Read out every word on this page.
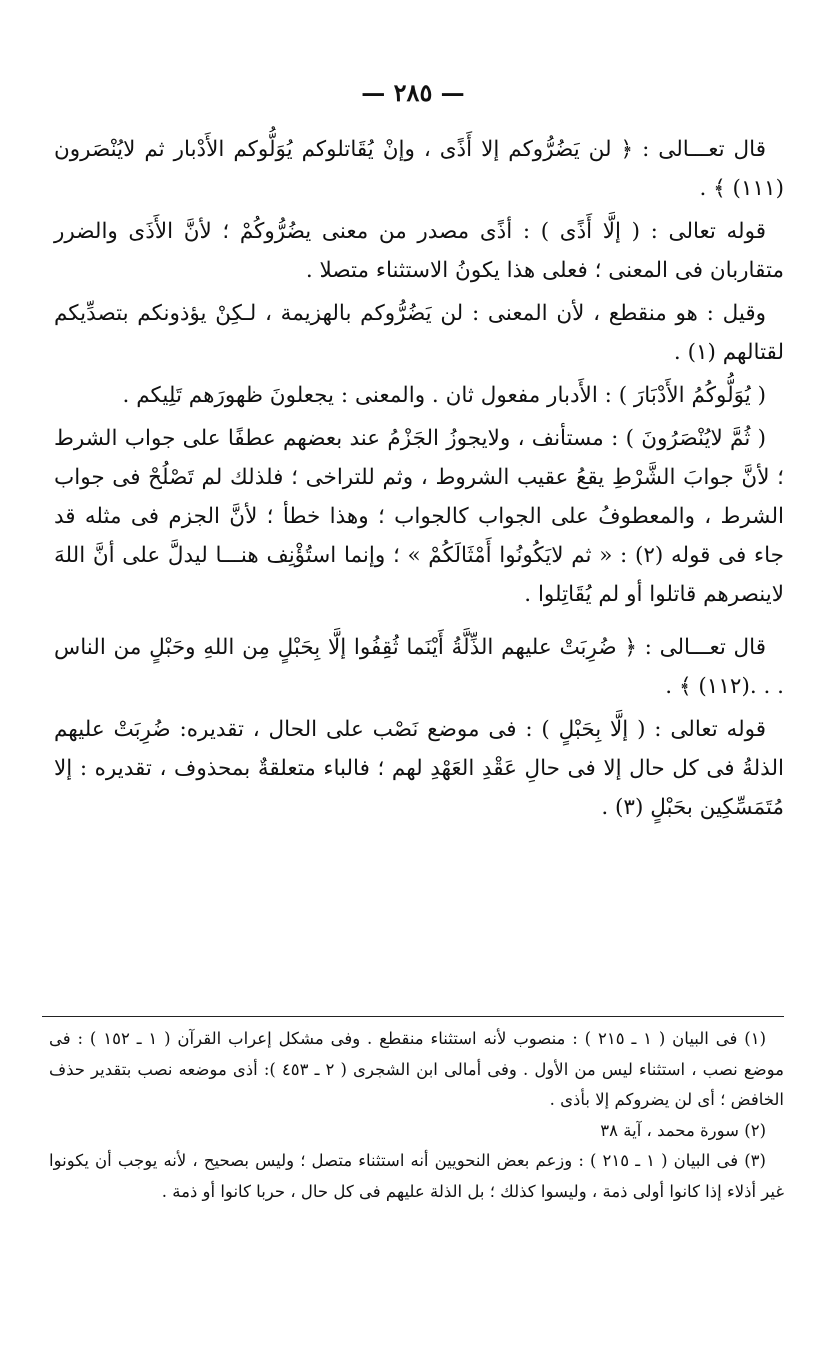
— ٢٨٥ —

قال تعـــالى : ﴿ لن يَضُرُّوكم إلا أَذًى ، وإنْ يُقَاتلوكم يُوَلُّوكم الأَدْبار ثم لايُنْصَرون (١١١) ﴾ .

قوله تعالى : ( إلَّا أَذًى ) : أذًى مصدر من معنى يضُرُّوكُمْ ؛ لأنَّ الأَذَى والضرر متقاربان فى المعنى ؛ فعلى هذا يكونُ الاستثناء متصلا .

وقيل : هو منقطع ، لأن المعنى : لن يَضُرُّوكم بالهزيمة ، لـكِنْ يؤذونكم بتصدِّيكم لقتالهم (١) .

( يُوَلُّوكُمُ الأَدْبَارَ ) : الأَدبار مفعول ثان . والمعنى : يجعلونَ ظهورَهم تَلِيكم .

( ثُمَّ لايُنْصَرُونَ ) : مستأنف ، ولايجوزُ الجَزْمُ عند بعضهم عطفًا على جواب الشرط ؛ لأنَّ جوابَ الشَّرْطِ يقعُ عقيب الشروط ، وثم للتراخى ؛ فلذلك لم تَصْلُحْ فى جواب الشرط ، والمعطوفُ على الجواب كالجواب ؛ وهذا خطأ ؛ لأنَّ الجزم فى مثله قد جاء فى قوله (٢) : « ثم لايَكُونُوا أَمْثَالَكُمْ » ؛ وإنما استُؤْنِف هنـــا ليدلَّ على أنَّ اللهَ لاينصرهم قاتلوا أو لم يُقَاتِلوا .

قال تعـــالى : ﴿ ضُرِبَتْ عليهم الذِّلَّةُ أَيْنَما ثُقِفُوا إلَّا بِحَبْلٍ مِن اللهِ وحَبْلٍ من الناس . . .(١١٢) ﴾ .

قوله تعالى : ( إلَّا بِحَبْلٍ ) : فى موضع نَصْب على الحال ، تقديره: ضُرِبَتْ عليهم الذلةُ فى كل حال إلا فى حالِ عَقْدِ العَهْدِ لهم ؛ فالباء متعلقةٌ بمحذوف ، تقديره : إلا مُتَمَسِّكِين بحَبْلٍ (٣) .

(١) فى البيان ( ١ ـ ٢١٥ ) : منصوب لأنه استثناء منقطع . وفى مشكل إعراب القرآن ( ١ ـ ١٥٢ ) : فى موضع نصب ، استثناء ليس من الأول . وفى أمالى ابن الشجرى ( ٢ ـ ٤٥٣ ): أذى موضعه نصب بتقدير حذف الخافض ؛ أى لن يضروكم إلا بأذى .

(٢) سورة محمد ، آية ٣٨

(٣) فى البيان ( ١ ـ ٢١٥ ) : وزعم بعض النحويين أنه استثناء متصل ؛ وليس بصحيح ، لأنه يوجب أن يكونوا غير أذلاء إذا كانوا أولى ذمة ، وليسوا كذلك ؛ بل الذلة عليهم فى كل حال ، حربا كانوا أو ذمة .
